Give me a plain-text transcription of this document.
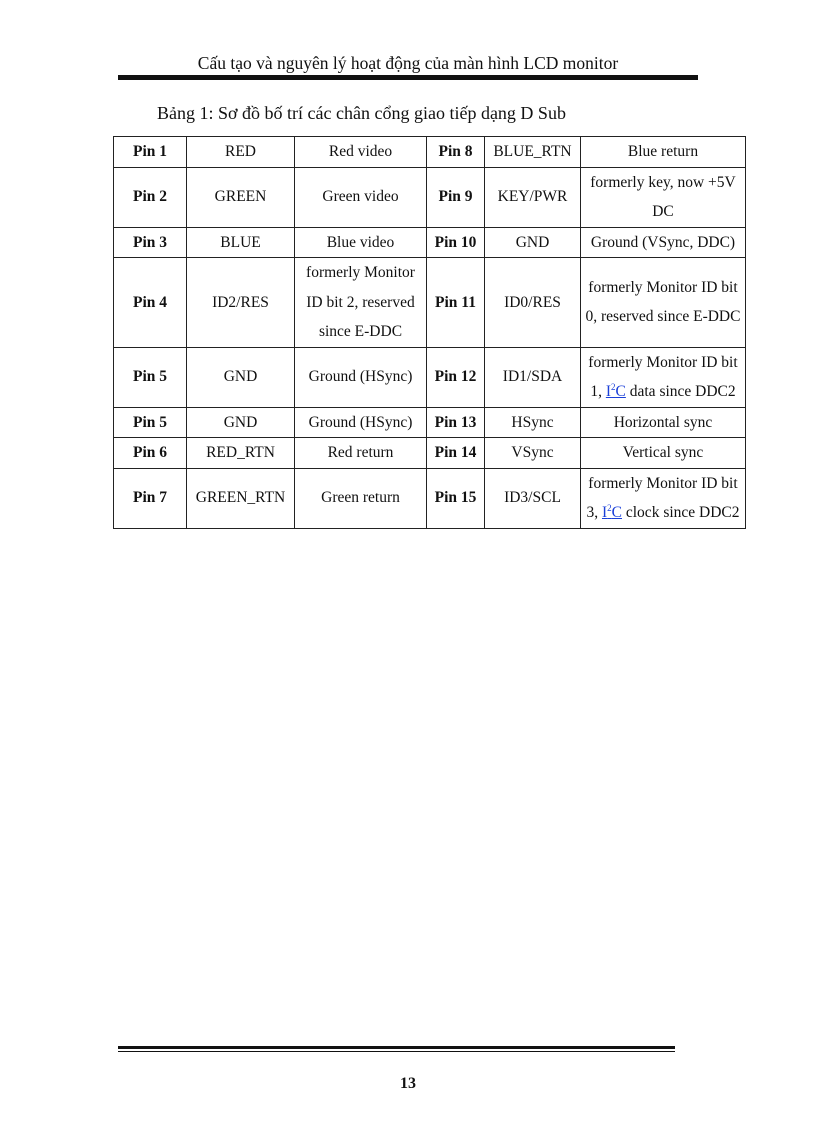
Cấu tạo và nguyên lý hoạt động của màn hình LCD monitor
Bảng 1: Sơ đồ bố trí các chân cổng giao tiếp dạng D Sub
Pin 1	RED	Red video	Pin 8	BLUE_RTN	Blue return
Pin 2	GREEN	Green video	Pin 9	KEY/PWR	formerly key, now +5V DC
Pin 3	BLUE	Blue video	Pin 10	GND	Ground (VSync, DDC)
Pin 4	ID2/RES	formerly Monitor ID bit 2, reserved since E-DDC	Pin 11	ID0/RES	formerly Monitor ID bit 0, reserved since E-DDC
Pin 5	GND	Ground (HSync)	Pin 12	ID1/SDA	formerly Monitor ID bit 1, $I^2C$ data since DDC2
Pin 5	GND	Ground (HSync)	Pin 13	HSync	Horizontal sync
Pin 6	RED_RTN	Red return	Pin 14	VSync	Vertical sync
Pin 7	GREEN_RTN	Green return	Pin 15	ID3/SCL	formerly Monitor ID bit 3, $I^2C$ clock since DDC2
13
